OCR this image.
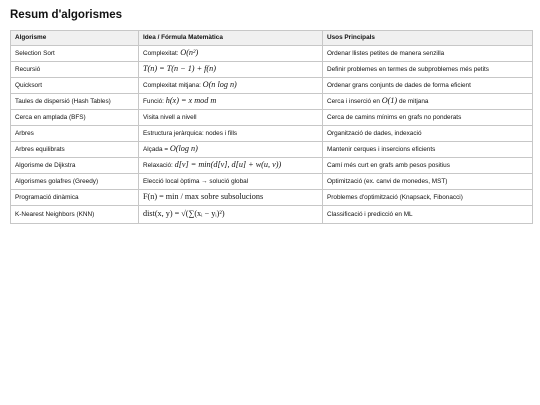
Resum d'algorismes
Algorisme	Idea / Fórmula Matemàtica	Usos Principals
Selection Sort	Complexitat: O(n²)	Ordenar llistes petites de manera senzilla
Recursió	T(n) = T(n − 1) + f(n)	Definir problemes en termes de subproblemes més petits
Quicksort	Complexitat mitjana: O(n log n)	Ordenar grans conjunts de dades de forma eficient
Taules de dispersió (Hash Tables)	Funció: h(x) = x mod m	Cerca i inserció en O(1) de mitjana
Cerca en amplada (BFS)	Visita nivell a nivell	Cerca de camins mínims en grafs no ponderats
Arbres	Estructura jeràrquica: nodes i fills	Organització de dades, indexació
Arbres equilibrats	Alçada = O(log n)	Mantenir cerques i insercions eficients
Algorisme de Dijkstra	Relaxació: d[v] = min(d[v], d[u] + w(u, v))	Camí més curt en grafs amb pesos positius
Algorismes golafres (Greedy)	Elecció local òptima → solució global	Optimització (ex. canvi de monedes, MST)
Programació dinàmica	F(n) = min / max sobre subsolucions	Problemes d'optimització (Knapsack, Fibonacci)
K-Nearest Neighbors (KNN)	dist(x, y) = √(∑(xᵢ − yᵢ)²)	Classificació i predicció en ML
